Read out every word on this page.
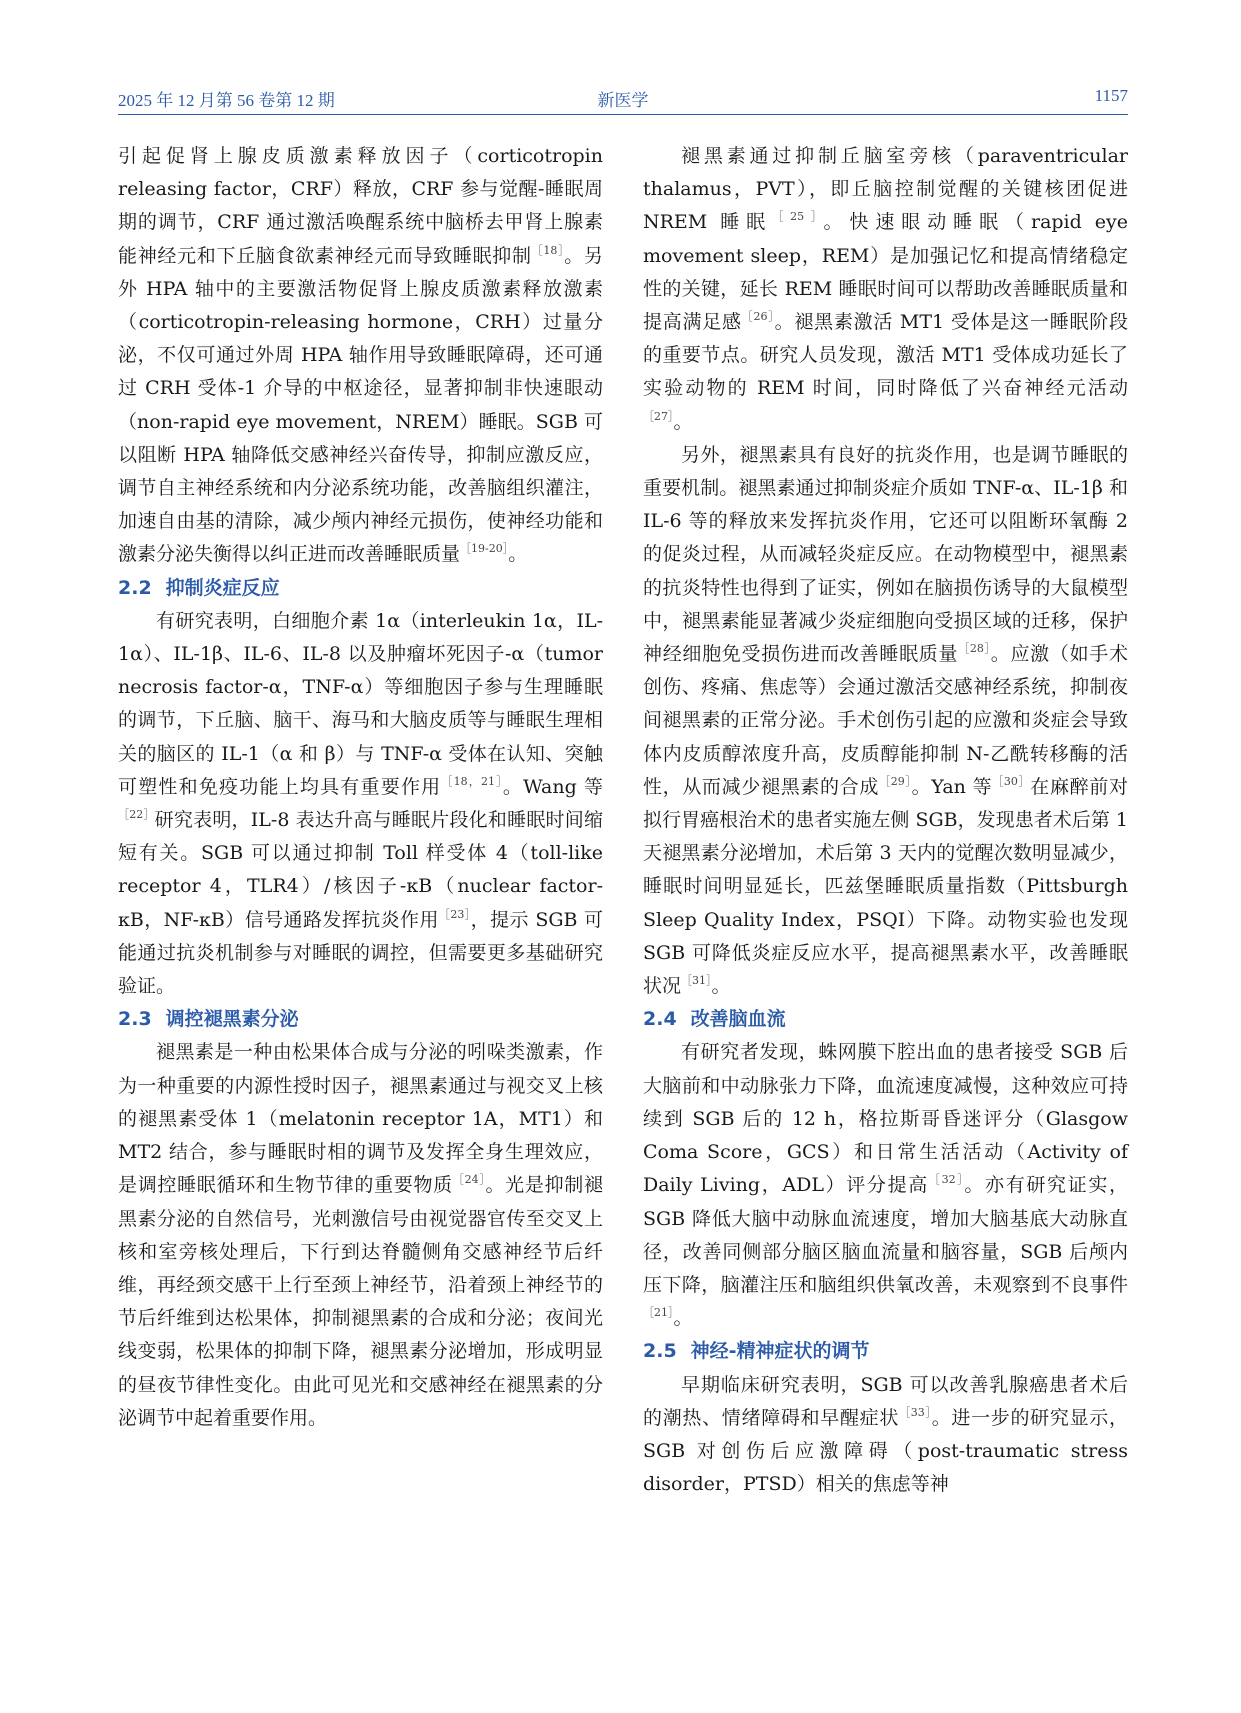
2025 年 12 月第 56 卷第 12 期	新医学	1157

引起促肾上腺皮质激素释放因子（corticotropin releasing factor，CRF）释放，CRF 参与觉醒-睡眠周期的调节，CRF 通过激活唤醒系统中脑桥去甲肾上腺素能神经元和下丘脑食欲素神经元而导致睡眠抑制$^{[18]}$。另外 HPA 轴中的主要激活物促肾上腺皮质激素释放激素（corticotropin-releasing hormone，CRH）过量分泌，不仅可通过外周 HPA 轴作用导致睡眠障碍，还可通过 CRH 受体-1 介导的中枢途径，显著抑制非快速眼动（non-rapid eye movement，NREM）睡眠。SGB 可以阻断 HPA 轴降低交感神经兴奋传导，抑制应激反应，调节自主神经系统和内分泌系统功能，改善脑组织灌注，加速自由基的清除，减少颅内神经元损伤，使神经功能和激素分泌失衡得以纠正进而改善睡眠质量$^{[19-20]}$。

2.2 抑制炎症反应

有研究表明，白细胞介素 1α（interleukin 1α，IL-1α）、IL-1β、IL-6、IL-8 以及肿瘤坏死因子-α（tumor necrosis factor-α，TNF-α）等细胞因子参与生理睡眠的调节，下丘脑、脑干、海马和大脑皮质等与睡眠生理相关的脑区的 IL-1（α 和 β）与 TNF-α 受体在认知、突触可塑性和免疫功能上均具有重要作用$^{[18,21]}$。Wang 等$^{[22]}$研究表明，IL-8 表达升高与睡眠片段化和睡眠时间缩短有关。SGB 可以通过抑制 Toll 样受体 4（toll-like receptor 4，TLR4）/核因子-κB（nuclear factor-κB，NF-κB）信号通路发挥抗炎作用$^{[23]}$，提示 SGB 可能通过抗炎机制参与对睡眠的调控，但需要更多基础研究验证。

2.3 调控褪黑素分泌

褪黑素是一种由松果体合成与分泌的吲哚类激素，作为一种重要的内源性授时因子，褪黑素通过与视交叉上核的褪黑素受体 1（melatonin receptor 1A，MT1）和 MT2 结合，参与睡眠时相的调节及发挥全身生理效应，是调控睡眠循环和生物节律的重要物质$^{[24]}$。光是抑制褪黑素分泌的自然信号，光刺激信号由视觉器官传至交叉上核和室旁核处理后，下行到达脊髓侧角交感神经节后纤维，再经颈交感干上行至颈上神经节，沿着颈上神经节的节后纤维到达松果体，抑制褪黑素的合成和分泌；夜间光线变弱，松果体的抑制下降，褪黑素分泌增加，形成明显的昼夜节律性变化。由此可见光和交感神经在褪黑素的分泌调节中起着重要作用。

褪黑素通过抑制丘脑室旁核（paraventricular thalamus，PVT），即丘脑控制觉醒的关键核团促进 NREM 睡眠$^{[25]}$。快速眼动睡眠（rapid eye movement sleep，REM）是加强记忆和提高情绪稳定性的关键，延长 REM 睡眠时间可以帮助改善睡眠质量和提高满足感$^{[26]}$。褪黑素激活 MT1 受体是这一睡眠阶段的重要节点。研究人员发现，激活 MT1 受体成功延长了实验动物的 REM 时间，同时降低了兴奋神经元活动$^{[27]}$。

另外，褪黑素具有良好的抗炎作用，也是调节睡眠的重要机制。褪黑素通过抑制炎症介质如 TNF-α、IL-1β 和 IL-6 等的释放来发挥抗炎作用，它还可以阻断环氧酶 2 的促炎过程，从而减轻炎症反应。在动物模型中，褪黑素的抗炎特性也得到了证实，例如在脑损伤诱导的大鼠模型中，褪黑素能显著减少炎症细胞向受损区域的迁移，保护神经细胞免受损伤进而改善睡眠质量$^{[28]}$。应激（如手术创伤、疼痛、焦虑等）会通过激活交感神经系统，抑制夜间褪黑素的正常分泌。手术创伤引起的应激和炎症会导致体内皮质醇浓度升高，皮质醇能抑制 N-乙酰转移酶的活性，从而减少褪黑素的合成$^{[29]}$。Yan 等$^{[30]}$在麻醉前对拟行胃癌根治术的患者实施左侧 SGB，发现患者术后第 1 天褪黑素分泌增加，术后第 3 天内的觉醒次数明显减少，睡眠时间明显延长，匹兹堡睡眠质量指数（Pittsburgh Sleep Quality Index，PSQI）下降。动物实验也发现 SGB 可降低炎症反应水平，提高褪黑素水平，改善睡眠状况$^{[31]}$。

2.4 改善脑血流

有研究者发现，蛛网膜下腔出血的患者接受 SGB 后大脑前和中动脉张力下降，血流速度减慢，这种效应可持续到 SGB 后的 12 h，格拉斯哥昏迷评分（Glasgow Coma Score，GCS）和日常生活活动（Activity of Daily Living，ADL）评分提高$^{[32]}$。亦有研究证实，SGB 降低大脑中动脉血流速度，增加大脑基底大动脉直径，改善同侧部分脑区脑血流量和脑容量，SGB 后颅内压下降，脑灌注压和脑组织供氧改善，未观察到不良事件$^{[21]}$。

2.5 神经-精神症状的调节

早期临床研究表明，SGB 可以改善乳腺癌患者术后的潮热、情绪障碍和早醒症状$^{[33]}$。进一步的研究显示，SGB 对创伤后应激障碍（post-traumatic stress disorder，PTSD）相关的焦虑等神
